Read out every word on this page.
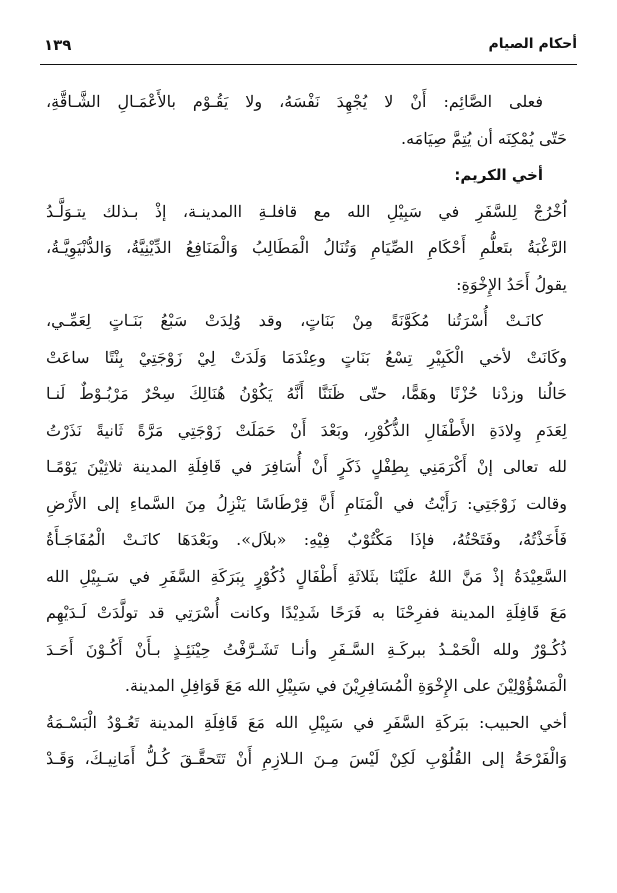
أحكام الصيام
١٣٩
فعلى الصَّائِم: أَنْ لا يُجْهِدَ نَفْسَهُ، ولا يَقُـوْم بالأَعْمَـالِ الشَّـاقَّةِ،
حَتّى يُمْكِنَه أن يُتِمَّ صِيَامَه.
أخي الكريم:
اُخْرُجْ لِلسَّفَرِ في سَبِيْلِ الله مع قافلـةِ االمدينـة، إذْ بـذلك يتـوَلَّـدُ
الرَّغْبَةُ بتَعلُّمِ أَحْكَامِ الصِّيَامِ وَتُنَالُ الْمَطَالِبُ وَالْمَنَافِعُ الدِّيْنِيَّةُ، وَالدُّنْيَوِيَّـةُ،
يقولُ أَحَدُ الإِخْوَةِ:
كانَـتْ أُسْرَتُنا مُكَوَّنَةً مِنْ بَنَاتٍ، وقد وُلِدَتْ سَبْعُ بَنَـاتٍ لِعَمِّـي،
وكَانَتْ لأخي الْكَبِيْرِ تِسْعُ بَنَاتٍ وعِنْدَمَا وَلَدَتْ لِيْ زَوْجَتِيْ بِنْتًا ساعَتْ
حَالُنا وزدْنا حُزْنًا وهَمًّا، حتّى ظَنَنَّا أَنَّهُ يَكُوْنُ هُنَالِكَ سِحْرٌ مَرْبُـوْطٌ لَنـا
لِعَدَمِ وِلادَةِ الأَطْفَالِ الذُّكُوْرِ، وبَعْدَ أَنْ حَمَلَتْ زَوْجَتِي مَرَّةً ثَانيةً نَذَرْتُ
لله تعالى إنْ أَكْرَمَنِي بِطِفْلٍ ذَكَرٍ أَنْ أُسَافِرَ في قَافِلَةِ المدينة ثلاثِيْنَ يَوْمًـا
وقالت زَوْجَتِي: رَأَيْتُ في الْمَنَامِ أَنَّ قِرْطَاسًا يَنْزِلُ مِنَ السَّماءِ إلى الأَرْضِ
فَأَخَذْتُهُ، وفَتَحْتُهُ، فإذَا مَكْتُوْبٌ فِيْهِ: «بلاَل». وبَعْدَهَا كانَـتْ الْمُفَاجَـأَةُ
السَّعِيْدَةُ إذْ مَنَّ اللهُ علَيْنَا بثَلاثَةِ أَطْفَالٍ ذُكُوْرٍ بِبَرَكَةِ السَّفَرِ في سَـبِيْلِ الله
مَعَ قَافِلَةِ المدينة ففرِحْنَا به فَرَحًا شَدِيْدًا وكانت أُسْرَتِي قد تولَّدَتْ لَـدَيْهِم
ذُكُـوْرٌ ولله الْحَمْـدُ ببركَـةِ السَّـفَرِ وأنـا تَشَـرَّفْتُ حِيْنَئِـذٍ بـأَنْ أَكُـوْنَ أَحَـدَ
الْمَسْؤُوْلِيْنَ على الإِخْوَةِ الْمُسَافِرِيْنَ في سَبِيْلِ الله مَعَ قَوَافِلِ المدينة.
أخي الحبيب: ببَركَةِ السَّفَرِ في سَبِيْلِ الله مَعَ قَافِلَةِ المدينة تَعُـوْدُ الْبَسْـمَةُ
وَالْفَرْحَةُ إلى القُلُوْبِ لَكِنْ لَيْسَ مِـنَ الـلازِمِ أَنْ تَتَحقَّـقَ كُـلُّ أَمَانِيـكَ، وَقَـدْ
